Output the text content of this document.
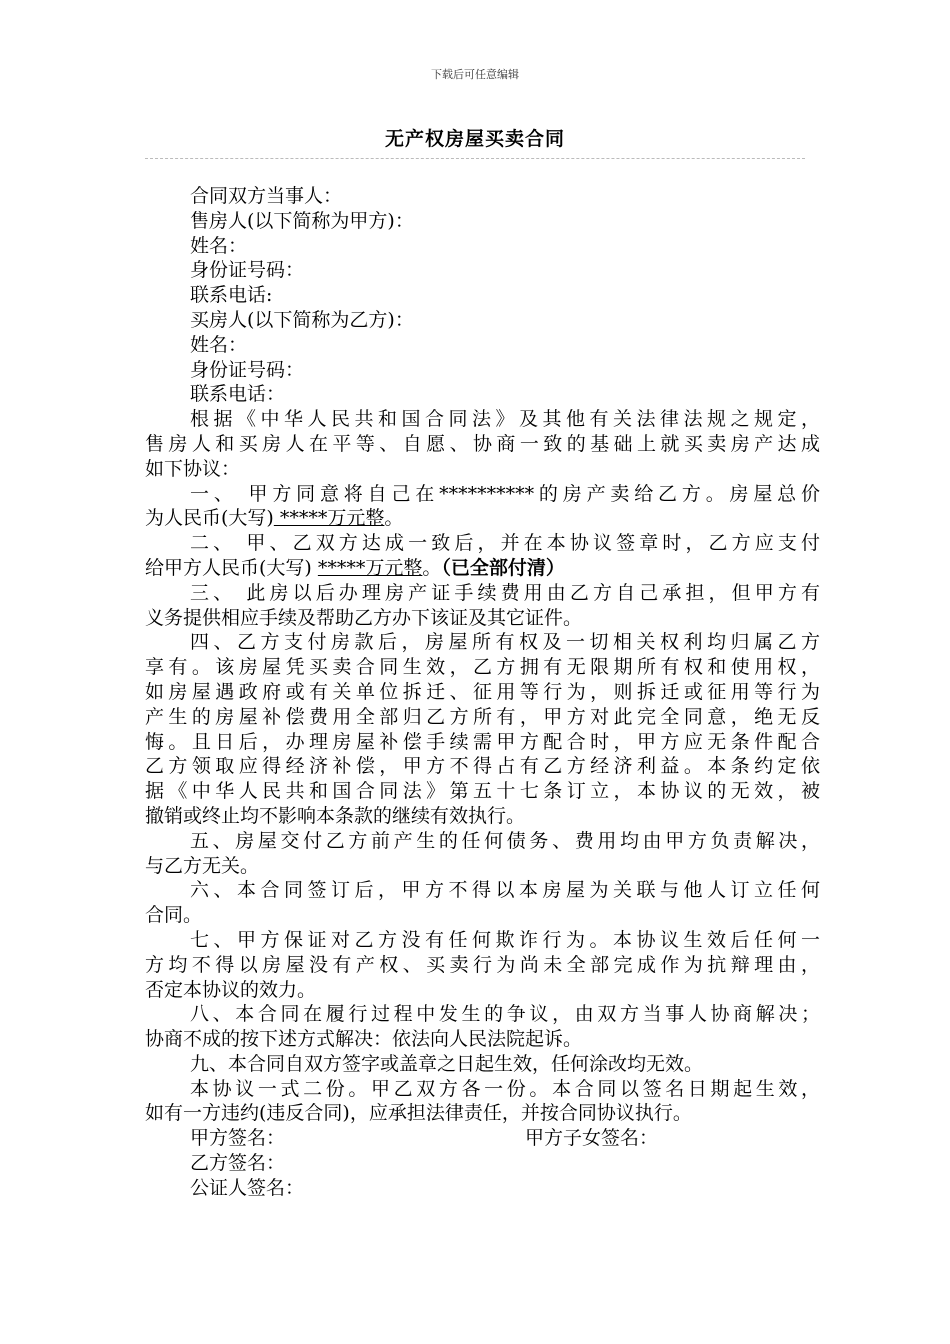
下载后可任意编辑
无产权房屋买卖合同
合同双方当事人：
售房人(以下简称为甲方)：
姓名：
身份证号码：
联系电话:
买房人(以下简称为乙方)：
姓名：
身份证号码：
联系电话：
根据《中华人民共和国合同法》及其他有关法律法规之规定，
售房人和买房人在平等、自愿、协商一致的基础上就买卖房产达成
如下协议：
一、 甲方同意将自己在**********的房产卖给乙方。房屋总价
为人民币(大写) *****万元整。
二、 甲、乙双方达成一致后，并在本协议签章时，乙方应支付
给甲方人民币(大写) *****万元整。（已全部付清）
三、 此房以后办理房产证手续费用由乙方自己承担，但甲方有
义务提供相应手续及帮助乙方办下该证及其它证件。
四、乙方支付房款后，房屋所有权及一切相关权利均归属乙方
享有。该房屋凭买卖合同生效，乙方拥有无限期所有权和使用权，
如房屋遇政府或有关单位拆迁、征用等行为，则拆迁或征用等行为
产生的房屋补偿费用全部归乙方所有，甲方对此完全同意，绝无反
悔。且日后，办理房屋补偿手续需甲方配合时，甲方应无条件配合
乙方领取应得经济补偿，甲方不得占有乙方经济利益。本条约定依
据《中华人民共和国合同法》第五十七条订立，本协议的无效，被
撤销或终止均不影响本条款的继续有效执行。
五、房屋交付乙方前产生的任何债务、费用均由甲方负责解决，
与乙方无关。
六、本合同签订后，甲方不得以本房屋为关联与他人订立任何
合同。
七、甲方保证对乙方没有任何欺诈行为。本协议生效后任何一
方均不得以房屋没有产权、买卖行为尚未全部完成作为抗辩理由，
否定本协议的效力。
八、本合同在履行过程中发生的争议，由双方当事人协商解决；
协商不成的按下述方式解决：依法向人民法院起诉。
九、本合同自双方签字或盖章之日起生效，任何涂改均无效。
本协议一式二份。甲乙双方各一份。本合同以签名日期起生效，
如有一方违约(违反合同)，应承担法律责任，并按合同协议执行。
甲方签名：	甲方子女签名：
乙方签名：
公证人签名：
